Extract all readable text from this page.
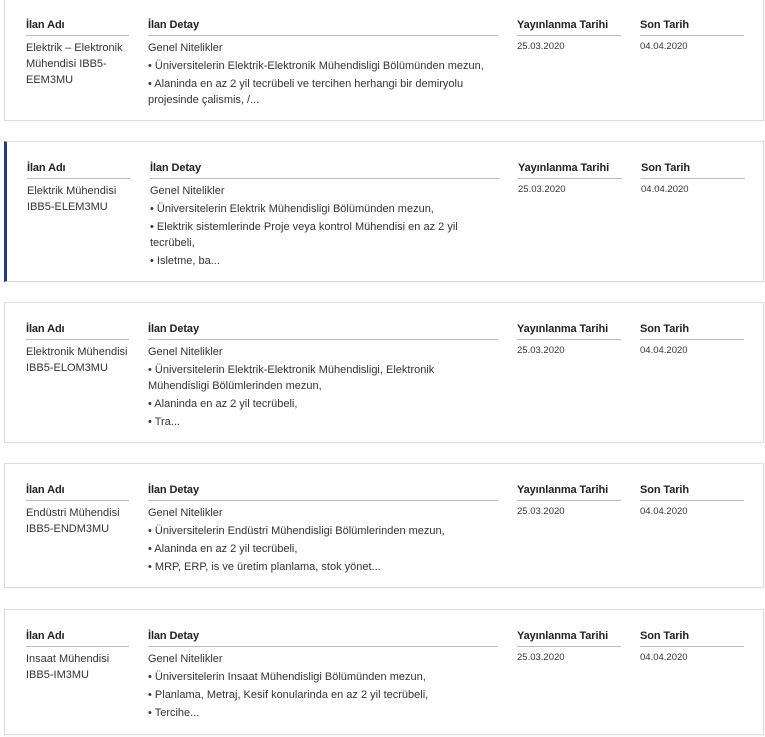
İlan Adı
Elektrik – Elektronik Mühendisi IBB5-EEM3MU
İlan Detay
Genel Nitelikler
• Üniversitelerin Elektrik-Elektronik Mühendisligi Bölümünden mezun,
• Alaninda en az 2 yil tecrübeli ve tercihen herhangi bir demiryolu projesinde çalismis, /...
Yayınlanma Tarihi
25.03.2020
Son Tarih
04.04.2020
İlan Adı
Elektrik Mühendisi IBB5-ELEM3MU
İlan Detay
Genel Nitelikler
• Üniversitelerin Elektrik Mühendisligi Bölümünden mezun,
• Elektrik sistemlerinde Proje veya kontrol Mühendisi en az 2 yil tecrübeli,
• Isletme, ba...
Yayınlanma Tarihi
25.03.2020
Son Tarih
04.04.2020
İlan Adı
Elektronik Mühendisi IBB5-ELOM3MU
İlan Detay
Genel Nitelikler
• Üniversitelerin Elektrik-Elektronik Mühendisligi, Elektronik Mühendisligi Bölümlerinden mezun,
• Alaninda en az 2 yil tecrübeli,
• Tra...
Yayınlanma Tarihi
25.03.2020
Son Tarih
04.04.2020
İlan Adı
Endüstri Mühendisi IBB5-ENDM3MU
İlan Detay
Genel Nitelikler
• Üniversitelerin Endüstri Mühendisligi Bölümlerinden mezun,
• Alaninda en az 2 yil tecrübeli,
• MRP, ERP, is ve üretim planlama, stok yönet...
Yayınlanma Tarihi
25.03.2020
Son Tarih
04.04.2020
İlan Adı
Insaat Mühendisi IBB5-IM3MU
İlan Detay
Genel Nitelikler
• Üniversitelerin Insaat Mühendisligi Bölümünden mezun,
• Planlama, Metraj, Kesif konularinda en az 2 yil tecrübeli,
• Tercihe...
Yayınlanma Tarihi
25.03.2020
Son Tarih
04.04.2020
